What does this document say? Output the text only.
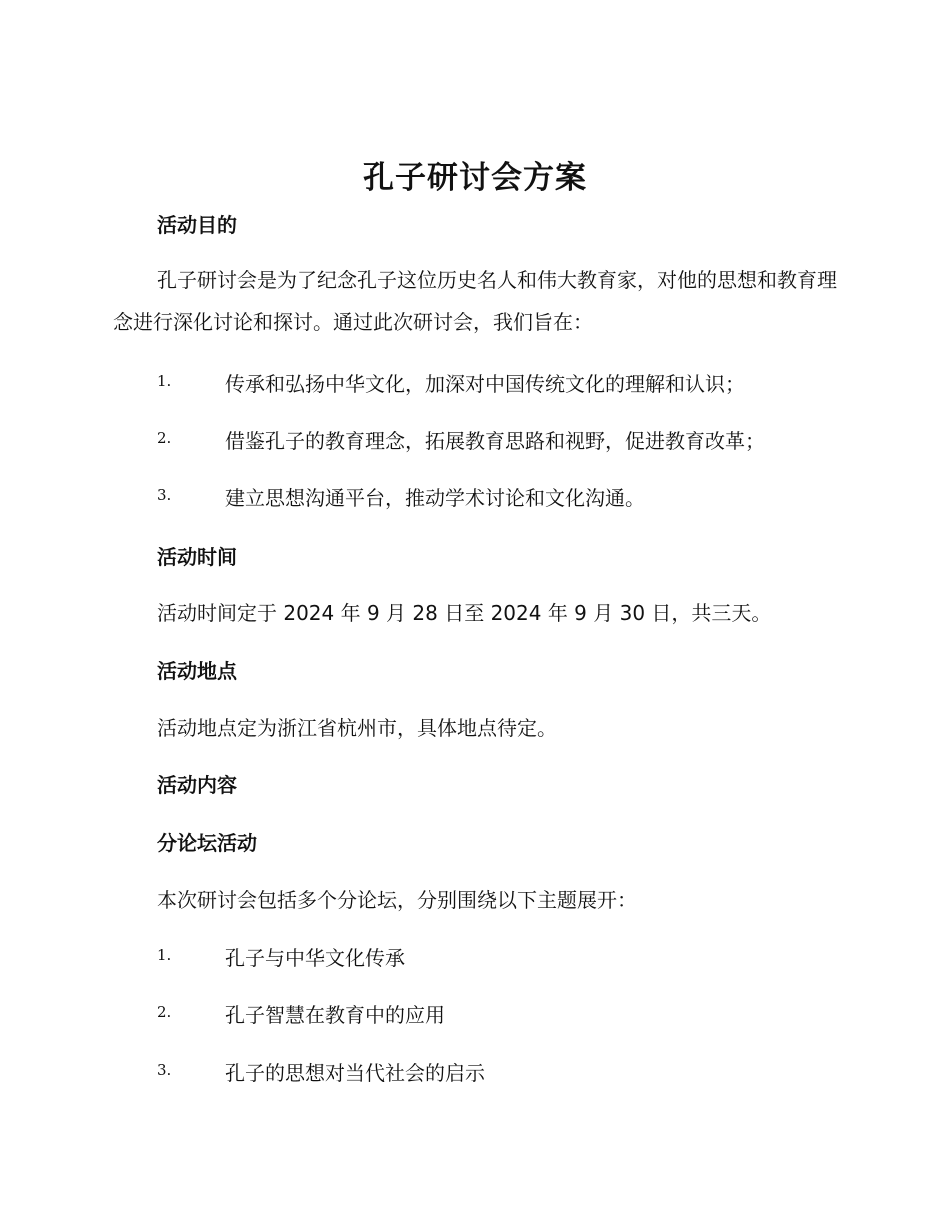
孔子研讨会方案
活动目的
孔子研讨会是为了纪念孔子这位历史名人和伟大教育家，对他的思想和教育理念进行深化讨论和探讨。通过此次研讨会，我们旨在：
1.	传承和弘扬中华文化，加深对中国传统文化的理解和认识；
2.	借鉴孔子的教育理念，拓展教育思路和视野，促进教育改革；
3.	建立思想沟通平台，推动学术讨论和文化沟通。
活动时间
活动时间定于 2024 年 9 月 28 日至 2024 年 9 月 30 日，共三天。
活动地点
活动地点定为浙江省杭州市，具体地点待定。
活动内容
分论坛活动
本次研讨会包括多个分论坛，分别围绕以下主题展开：
1.	孔子与中华文化传承
2.	孔子智慧在教育中的应用
3.	孔子的思想对当代社会的启示
